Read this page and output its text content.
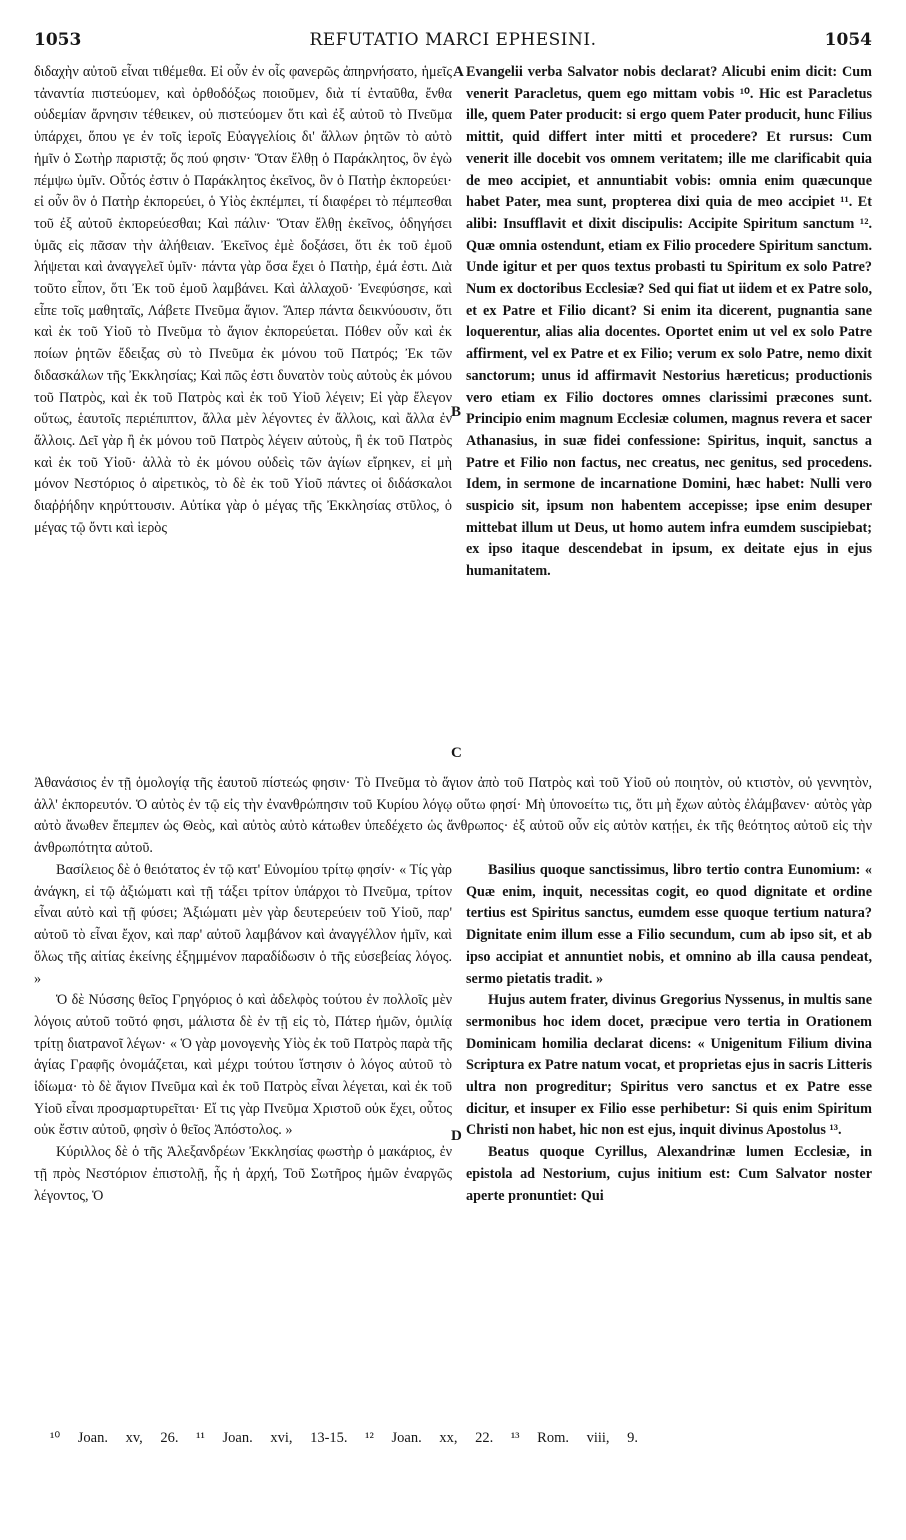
1053	REFUTATIO MARCI EPHESINI.	1054

διδαχὴν αὐτοῦ εἶναι τιθέμεθα. Εἰ οὖν ἐν οἷς φανερῶς ἀπηρνήσατο, ἡμεῖς τἀναντία πιστεύομεν, καὶ ὀρθοδόξως ποιοῦμεν, διὰ τί ἐνταῦθα, ἔνθα οὐδεμίαν ἄρνησιν τέθεικεν, οὐ πιστεύομεν ὅτι καὶ ἐξ αὐτοῦ τὸ Πνεῦμα ὑπάρχει, ὅπου γε ἐν τοῖς ἱεροῖς Εὐαγγελίοις δι' ἄλλων ῥητῶν τὸ αὐτὸ ἡμῖν ὁ Σωτὴρ παριστᾷ; ὅς πού φησιν· Ὅταν ἔλθῃ ὁ Παράκλητος, ὃν ἐγὼ πέμψω ὑμῖν. Οὗτός ἐστιν ὁ Παράκλητος ἐκεῖνος, ὃν ὁ Πατὴρ ἐκπορεύει· εἰ οὖν ὃν ὁ Πατὴρ ἐκπορεύει, ὁ Υἱὸς ἐκπέμπει, τί διαφέρει τὸ πέμπεσθαι τοῦ ἐξ αὐτοῦ ἐκπορεύεσθαι; Καὶ πάλιν· Ὅταν ἔλθῃ ἐκεῖνος, ὁδηγήσει ὑμᾶς εἰς πᾶσαν τὴν ἀλήθειαν. Ἐκεῖνος ἐμὲ δοξάσει, ὅτι ἐκ τοῦ ἐμοῦ λήψεται καὶ ἀναγγελεῖ ὑμῖν· πάντα γὰρ ὅσα ἔχει ὁ Πατὴρ, ἐμά ἐστι. Διὰ τοῦτο εἶπον, ὅτι Ἐκ τοῦ ἐμοῦ λαμβάνει. Καὶ ἀλλαχοῦ· Ἐνεφύσησε, καὶ εἶπε τοῖς μαθηταῖς, Λάβετε Πνεῦμα ἅγιον. Ἅπερ πάντα δεικνύουσιν, ὅτι καὶ ἐκ τοῦ Υἱοῦ τὸ Πνεῦμα τὸ ἅγιον ἐκπορεύεται. Πόθεν οὖν καὶ ἐκ ποίων ῥητῶν ἔδειξας σὺ τὸ Πνεῦμα ἐκ μόνου τοῦ Πατρός; Ἐκ τῶν διδασκάλων τῆς Ἐκκλησίας; Καὶ πῶς ἐστι δυνατὸν τοὺς αὐτοὺς ἐκ μόνου τοῦ Πατρὸς, καὶ ἐκ τοῦ Πατρὸς καὶ ἐκ τοῦ Υἱοῦ λέγειν; Εἰ γὰρ ἔλεγον οὕτως, ἑαυτοῖς περιέπιπτον, ἄλλα μὲν λέγοντες ἐν ἄλλοις, καὶ ἄλλα ἐν ἄλλοις. Δεῖ γὰρ ἢ ἐκ μόνου τοῦ Πατρὸς λέγειν αὐτοὺς, ἢ ἐκ τοῦ Πατρὸς καὶ ἐκ τοῦ Υἱοῦ· ἀλλὰ τὸ ἐκ μόνου οὐδεὶς τῶν ἁγίων εἴρηκεν, εἰ μὴ μόνον Νεστόριος ὁ αἱρετικὸς, τὸ δὲ ἐκ τοῦ Υἱοῦ πάντες οἱ διδάσκαλοι διαῤῥήδην κηρύττουσιν. Αὐτίκα γὰρ ὁ μέγας τῆς Ἐκκλησίας στῦλος, ὁ μέγας τῷ ὄντι καὶ ἱερὸς

Evangelii verba Salvator nobis declarat? Alicubi enim dicit: Cum venerit Paracletus, quem ego mittam vobis ¹⁰. Hic est Paracletus ille, quem Pater producit: si ergo quem Pater producit, hunc Filius mittit, quid differt inter mitti et procedere? Et rursus: Cum venerit ille docebit vos omnem veritatem; ille me clarificabit quia de meo accipiet, et annuntiabit vobis: omnia enim quæcunque habet Pater, mea sunt, propterea dixi quia de meo accipiet ¹¹. Et alibi: Insufflavit et dixit discipulis: Accipite Spiritum sanctum ¹². Quæ omnia ostendunt, etiam ex Filio procedere Spiritum sanctum. Unde igitur et per quos textus probasti tu Spiritum ex solo Patre? Num ex doctoribus Ecclesiæ? Sed qui fiat ut iidem et ex Patre solo, et ex Patre et Filio dicant? Si enim ita dicerent, pugnantia sane loquerentur, alias alia docentes. Oportet enim ut vel ex solo Patre affirment, vel ex Patre et ex Filio; verum ex solo Patre, nemo dixit sanctorum; unus id affirmavit Nestorius hæreticus; productionis vero etiam ex Filio doctores omnes clarissimi præcones sunt. Principio enim magnum Ecclesiæ columen, magnus revera et sacer Athanasius, in suæ fidei confessione: Spiritus, inquit, sanctus a Patre et Filio non factus, nec creatus, nec genitus, sed procedens. Idem, in sermone de incarnatione Domini, hæc habet: Nulli vero suspicio sit, ipsum non habentem accepisse; ipse enim desuper mittebat illum ut Deus, ut homo autem infra eumdem suscipiebat; ex ipso itaque descendebat in ipsum, ex deitate ejus in ejus humanitatem.

A
B
C
D

Ἀθανάσιος ἐν τῇ ὁμολογίᾳ τῆς ἑαυτοῦ πίστεώς φησιν· Τὸ Πνεῦμα τὸ ἅγιον ἀπὸ τοῦ Πατρὸς καὶ τοῦ Υἱοῦ οὐ ποιητὸν, οὐ κτιστὸν, οὐ γεννητὸν, ἀλλ' ἐκπορευτόν. Ὁ αὐτὸς ἐν τῷ εἰς τὴν ἐνανθρώπησιν τοῦ Κυρίου λόγῳ οὕτω φησί· Μὴ ὑπονοείτω τις, ὅτι μὴ ἔχων αὐτὸς ἐλάμβανεν· αὐτὸς γὰρ αὐτὸ ἄνωθεν ἔπεμπεν ὡς Θεὸς, καὶ αὐτὸς αὐτὸ κάτωθεν ὑπεδέχετο ὡς ἄνθρωπος· ἐξ αὐτοῦ οὖν εἰς αὐτὸν κατῄει, ἐκ τῆς θεότητος αὐτοῦ εἰς τὴν ἀνθρωπότητα αὐτοῦ.

Βασίλειος δὲ ὁ θειότατος ἐν τῷ κατ' Εὐνομίου τρίτῳ φησίν· « Τίς γὰρ ἀνάγκη, εἰ τῷ ἀξιώματι καὶ τῇ τάξει τρίτον ὑπάρχοι τὸ Πνεῦμα, τρίτον εἶναι αὐτὸ καὶ τῇ φύσει; Ἀξιώματι μὲν γὰρ δευτερεύειν τοῦ Υἱοῦ, παρ' αὐτοῦ τὸ εἶναι ἔχον, καὶ παρ' αὐτοῦ λαμβάνον καὶ ἀναγγέλλον ἡμῖν, καὶ ὅλως τῆς αἰτίας ἐκείνης ἐξημμένον παραδίδωσιν ὁ τῆς εὐσεβείας λόγος. »

Ὁ δὲ Νύσσης θεῖος Γρηγόριος ὁ καὶ ἀδελφὸς τούτου ἐν πολλοῖς μὲν λόγοις αὐτοῦ τοῦτό φησι, μάλιστα δὲ ἐν τῇ εἰς τὸ, Πάτερ ἡμῶν, ὁμιλίᾳ τρίτῃ διατρανοῖ λέγων· « Ὁ γὰρ μονογενὴς Υἱὸς ἐκ τοῦ Πατρὸς παρὰ τῆς ἁγίας Γραφῆς ὀνομάζεται, καὶ μέχρι τούτου ἵστησιν ὁ λόγος αὐτοῦ τὸ ἰδίωμα· τὸ δὲ ἅγιον Πνεῦμα καὶ ἐκ τοῦ Πατρὸς εἶναι λέγεται, καὶ ἐκ τοῦ Υἱοῦ εἶναι προσμαρτυρεῖται· Εἴ τις γὰρ Πνεῦμα Χριστοῦ οὐκ ἔχει, οὗτος οὐκ ἔστιν αὐτοῦ, φησὶν ὁ θεῖος Ἀπόστολος. »

Κύριλλος δὲ ὁ τῆς Ἀλεξανδρέων Ἐκκλησίας φωστὴρ ὁ μακάριος, ἐν τῇ πρὸς Νεστόριον ἐπιστολῇ, ἧς ἡ ἀρχή, Τοῦ Σωτῆρος ἡμῶν ἐναργῶς λέγοντος, Ὁ

Basilius quoque sanctissimus, libro tertio contra Eunomium: « Quæ enim, inquit, necessitas cogit, eo quod dignitate et ordine tertius est Spiritus sanctus, eumdem esse quoque tertium natura? Dignitate enim illum esse a Filio secundum, cum ab ipso sit, et ab ipso accipiat et annuntiet nobis, et omnino ab illa causa pendeat, sermo pietatis tradit. »

Hujus autem frater, divinus Gregorius Nyssenus, in multis sane sermonibus hoc idem docet, præcipue vero tertia in Orationem Dominicam homilia declarat dicens: « Unigenitum Filium divina Scriptura ex Patre natum vocat, et proprietas ejus in sacris Litteris ultra non progreditur; Spiritus vero sanctus et ex Patre esse dicitur, et insuper ex Filio esse perhibetur: Si quis enim Spiritum Christi non habet, hic non est ejus, inquit divinus Apostolus ¹³.

Beatus quoque Cyrillus, Alexandrinæ lumen Ecclesiæ, in epistola ad Nestorium, cujus initium est: Cum Salvator noster aperte pronuntiet: Qui

¹⁰ Joan. xv, 26. ¹¹ Joan. xvi, 13-15. ¹² Joan. xx, 22. ¹³ Rom. viii, 9.
